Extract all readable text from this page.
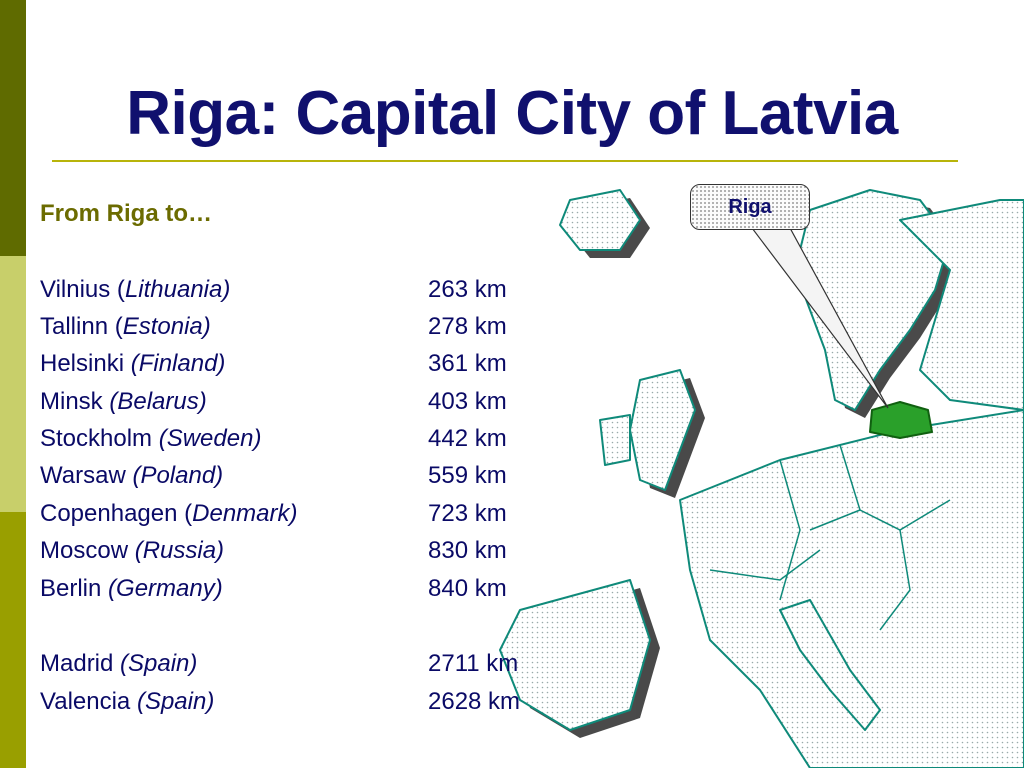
Riga: Capital City of Latvia
Riga
From Riga to…
Vilnius (Lithuania)	263 km
Tallinn (Estonia)	278 km
Helsinki (Finland)	361 km
Minsk (Belarus)	403 km
Stockholm (Sweden)	442 km
Warsaw (Poland)	559 km
Copenhagen (Denmark)	723 km
Moscow (Russia)	830 km
Berlin (Germany)	840 km
Madrid (Spain)	2711 km
Valencia (Spain)	2628 km
